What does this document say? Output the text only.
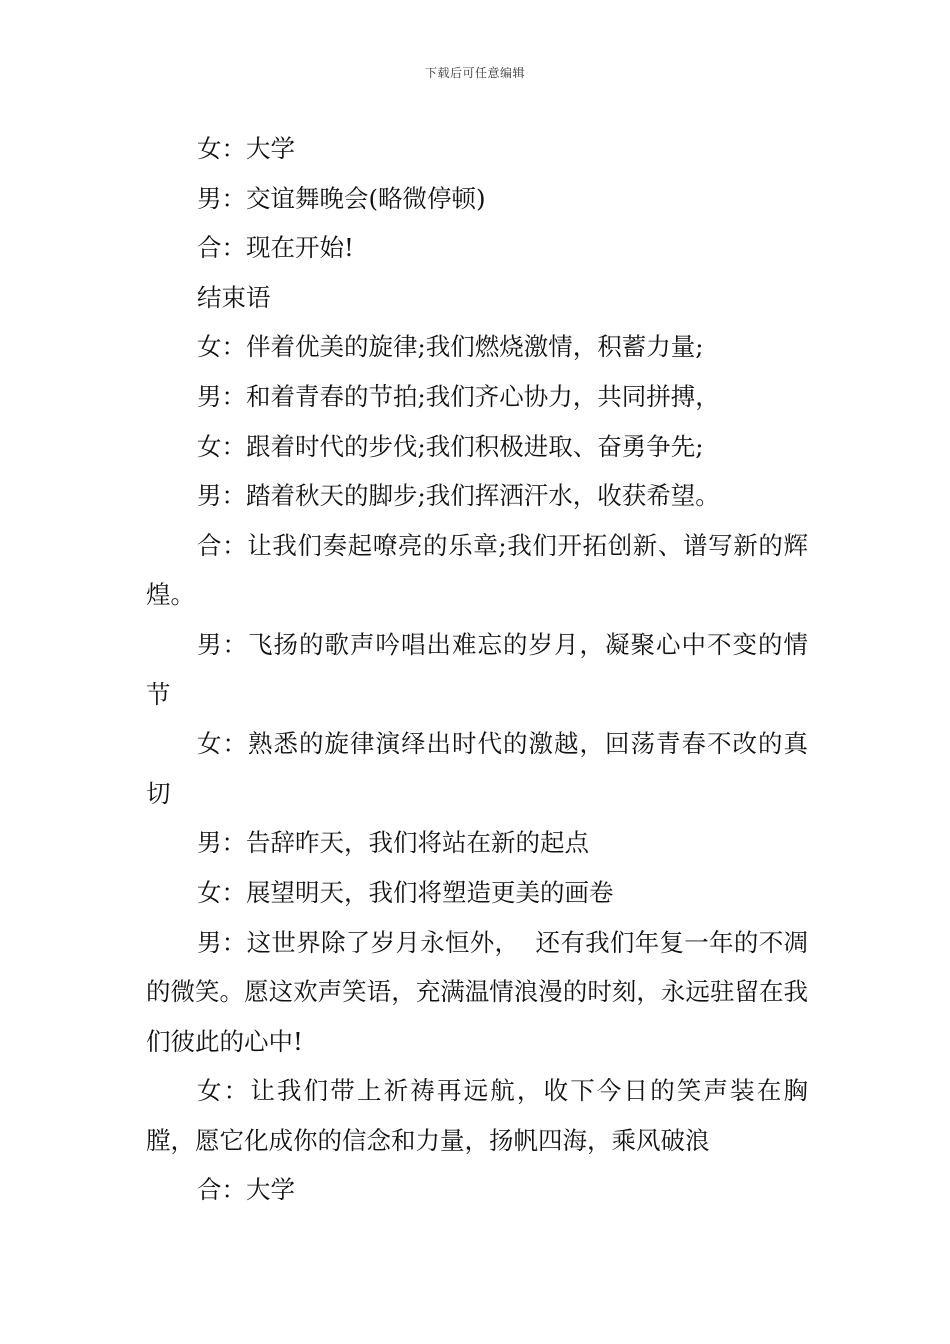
下载后可任意编辑

女：大学

男：交谊舞晚会(略微停顿)

合：现在开始!

结束语

女：伴着优美的旋律;我们燃烧激情，积蓄力量;

男：和着青春的节拍;我们齐心协力，共同拼搏，

女：跟着时代的步伐;我们积极进取、奋勇争先;

男：踏着秋天的脚步;我们挥洒汗水，收获希望。

合：让我们奏起嘹亮的乐章;我们开拓创新、谱写新的辉煌。

男：飞扬的歌声吟唱出难忘的岁月，凝聚心中不变的情节

女：熟悉的旋律演绎出时代的激越，回荡青春不改的真切

男：告辞昨天，我们将站在新的起点

女：展望明天，我们将塑造更美的画卷

男：这世界除了岁月永恒外，  还有我们年复一年的不凋的微笑。愿这欢声笑语，充满温情浪漫的时刻，永远驻留在我们彼此的心中!

女：让我们带上祈祷再远航，收下今日的笑声装在胸膛，愿它化成你的信念和力量，扬帆四海，乘风破浪

合：大学
